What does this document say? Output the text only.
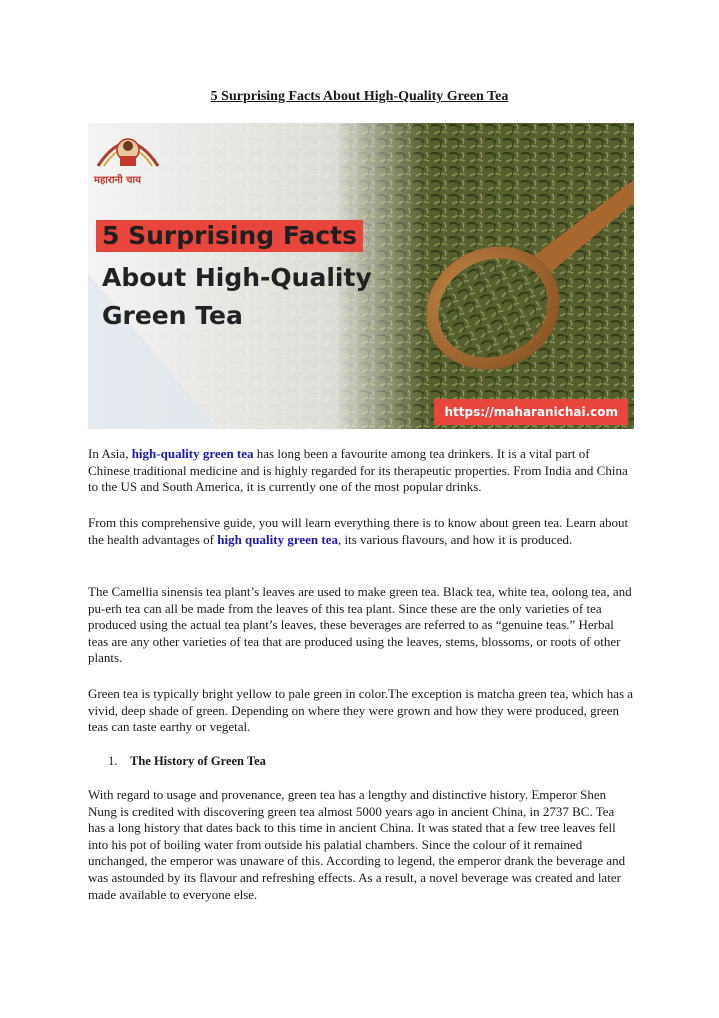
5 Surprising Facts About High-Quality Green Tea
महारानी चाय
5 Surprising Facts
About High-Quality
Green Tea
https://maharanichai.com

In Asia, high-quality green tea has long been a favourite among tea drinkers. It is a vital part of Chinese traditional medicine and is highly regarded for its therapeutic properties. From India and China to the US and South America, it is currently one of the most popular drinks.

From this comprehensive guide, you will learn everything there is to know about green tea. Learn about the health advantages of high quality green tea, its various flavours, and how it is produced.

The Camellia sinensis tea plant’s leaves are used to make green tea. Black tea, white tea, oolong tea, and pu-erh tea can all be made from the leaves of this tea plant. Since these are the only varieties of tea produced using the actual tea plant’s leaves, these beverages are referred to as “genuine teas.” Herbal teas are any other varieties of tea that are produced using the leaves, stems, blossoms, or roots of other plants.

Green tea is typically bright yellow to pale green in color.The exception is matcha green tea, which has a vivid, deep shade of green. Depending on where they were grown and how they were produced, green teas can taste earthy or vegetal.

1. The History of Green Tea

With regard to usage and provenance, green tea has a lengthy and distinctive history. Emperor Shen Nung is credited with discovering green tea almost 5000 years ago in ancient China, in 2737 BC. Tea has a long history that dates back to this time in ancient China. It was stated that a few tree leaves fell into his pot of boiling water from outside his palatial chambers. Since the colour of it remained unchanged, the emperor was unaware of this. According to legend, the emperor drank the beverage and was astounded by its flavour and refreshing effects. As a result, a novel beverage was created and later made available to everyone else.
